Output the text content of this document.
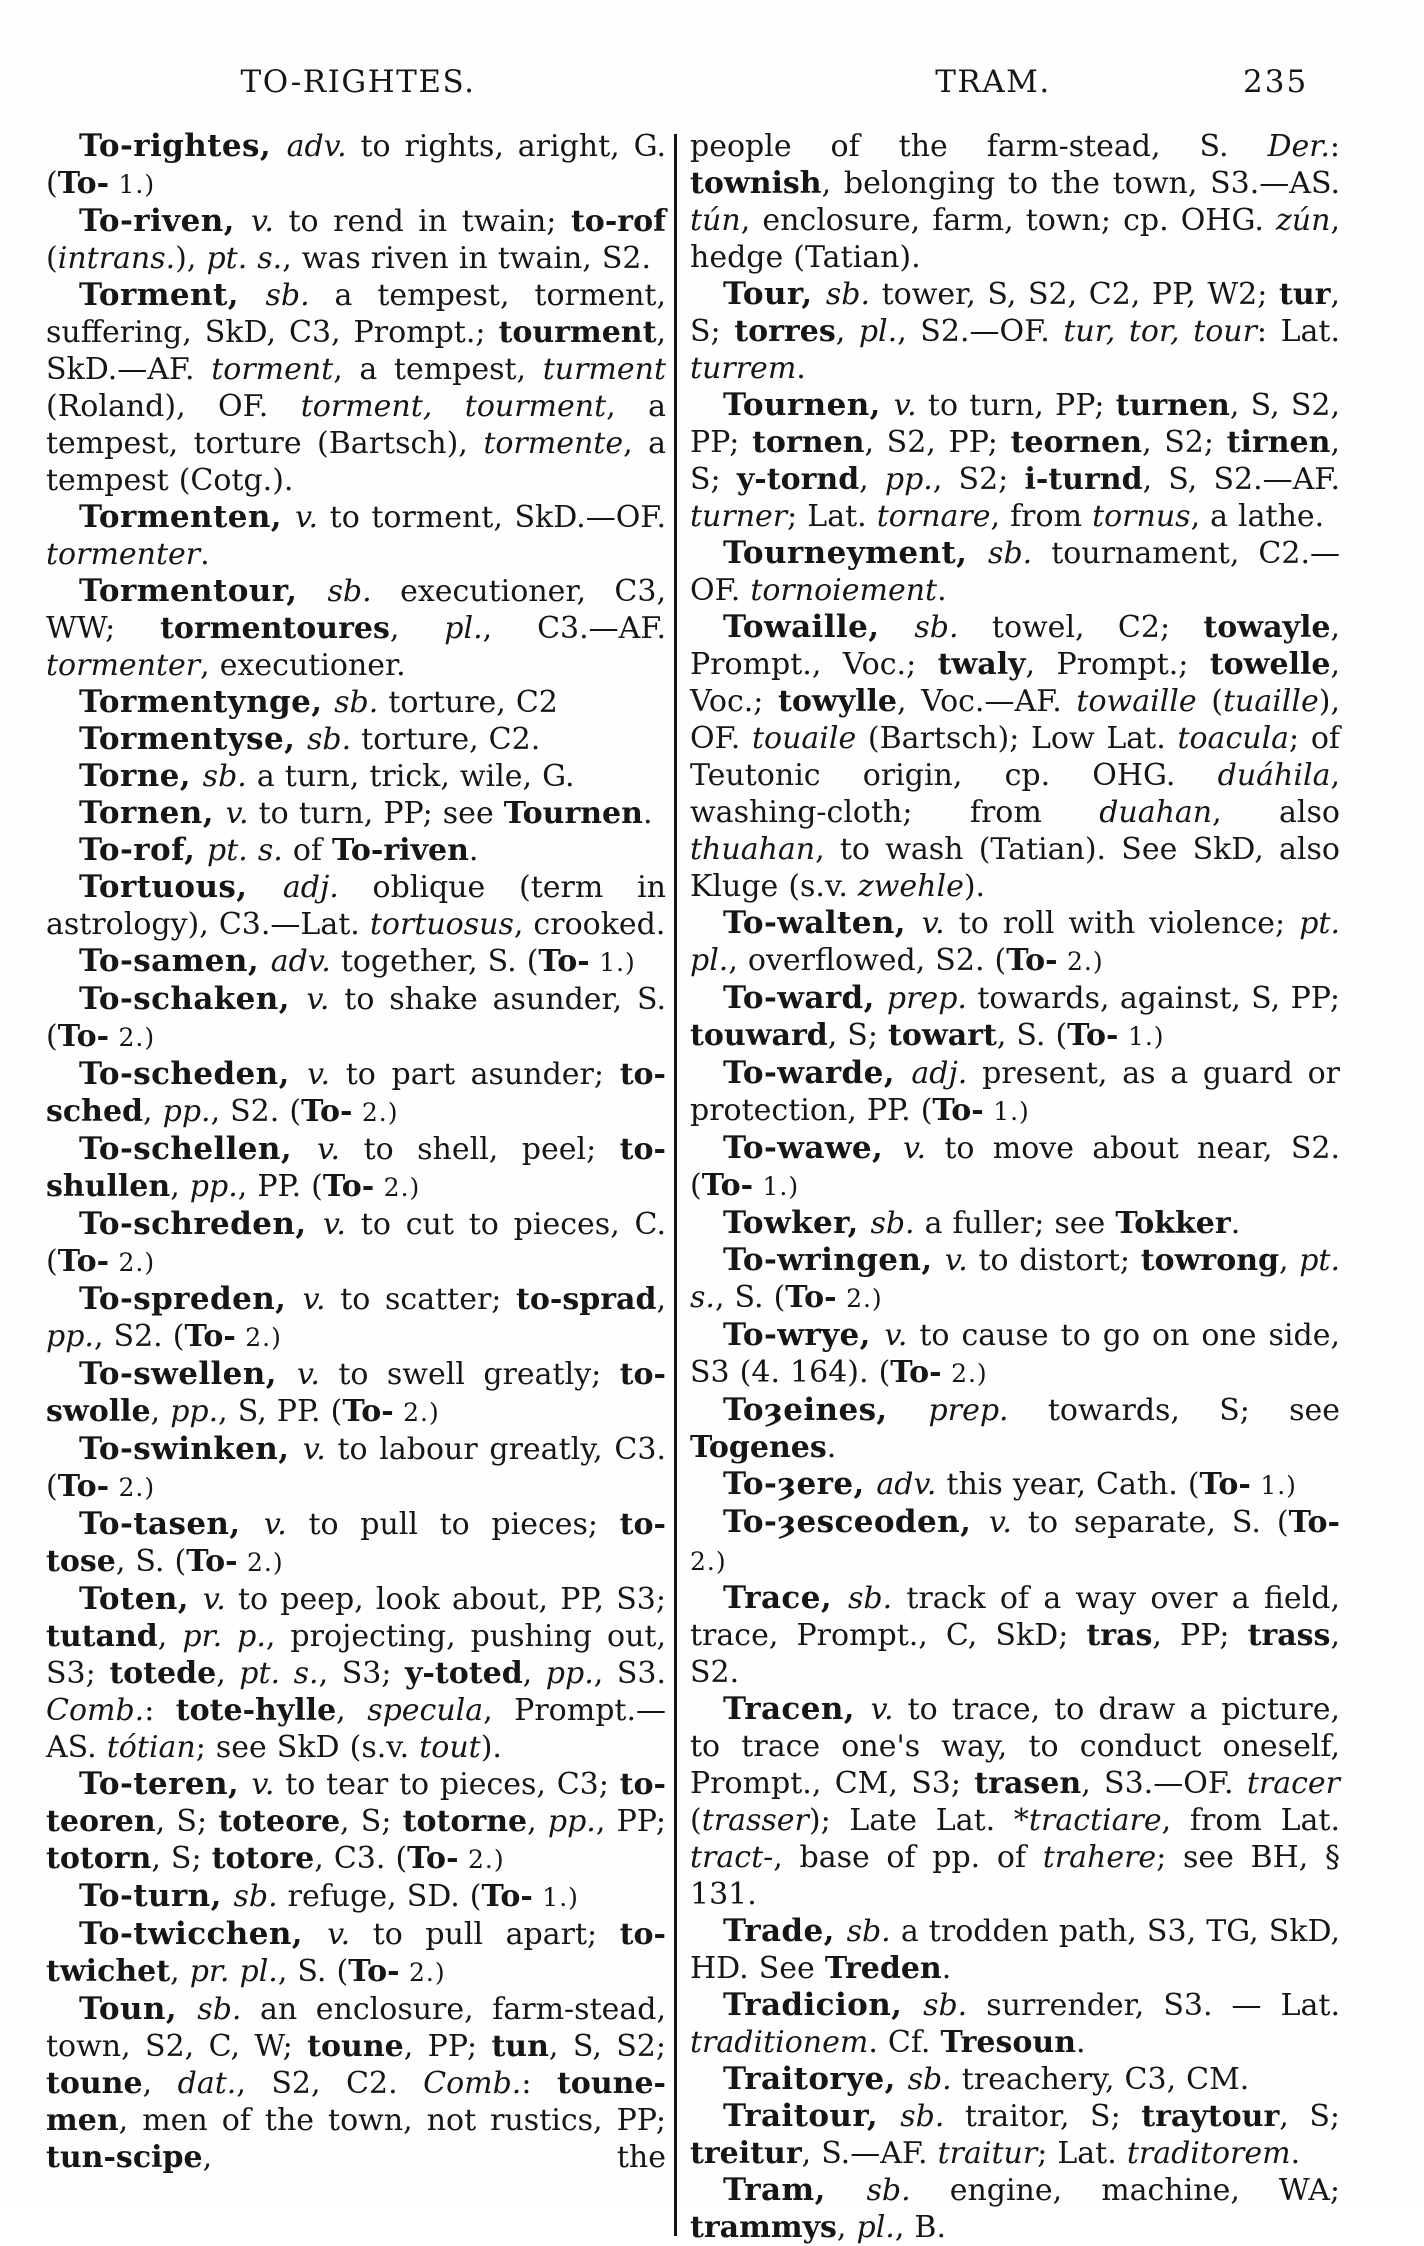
TO-RIGHTES.	TRAM.	235

To-rightes, adv. to rights, aright, G. (To- 1.)

To-riven, v. to rend in twain; to-rof (intrans.), pt. s., was riven in twain, S2.

Torment, sb. a tempest, torment, suffering, SkD, C3, Prompt.; tourment, SkD.—AF. torment, a tempest, turment (Roland), OF. torment, tourment, a tempest, torture (Bartsch), tormente, a tempest (Cotg.).

Tormenten, v. to torment, SkD.—OF. tormenter.

Tormentour, sb. executioner, C3, WW; tormentoures, pl., C3.—AF. tormenter, executioner.

Tormentynge, sb. torture, C2

Tormentyse, sb. torture, C2.

Torne, sb. a turn, trick, wile, G.

Tornen, v. to turn, PP; see Tournen.

To-rof, pt. s. of To-riven.

Tortuous, adj. oblique (term in astrology), C3.—Lat. tortuosus, crooked.

To-samen, adv. together, S. (To- 1.)

To-schaken, v. to shake asunder, S. (To- 2.)

To-scheden, v. to part asunder; to-sched, pp., S2. (To- 2.)

To-schellen, v. to shell, peel; to-shullen, pp., PP. (To- 2.)

To-schreden, v. to cut to pieces, C. (To- 2.)

To-spreden, v. to scatter; to-sprad, pp., S2. (To- 2.)

To-swellen, v. to swell greatly; to-swolle, pp., S, PP. (To- 2.)

To-swinken, v. to labour greatly, C3. (To- 2.)

To-tasen, v. to pull to pieces; to-tose, S. (To- 2.)

Toten, v. to peep, look about, PP, S3; tutand, pr. p., projecting, pushing out, S3; totede, pt. s., S3; y-toted, pp., S3. Comb.: tote-hylle, specula, Prompt.—AS. tótian; see SkD (s.v. tout).

To-teren, v. to tear to pieces, C3; to-teoren, S; toteore, S; totorne, pp., PP; totorn, S; totore, C3. (To- 2.)

To-turn, sb. refuge, SD. (To- 1.)

To-twicchen, v. to pull apart; to-twichet, pr. pl., S. (To- 2.)

Toun, sb. an enclosure, farm-stead, town, S2, C, W; toune, PP; tun, S, S2; toune, dat., S2, C2. Comb.: toune-men, men of the town, not rustics, PP; tun-scipe, the

people of the farm-stead, S. Der.: townish, belonging to the town, S3.—AS. tún, enclosure, farm, town; cp. OHG. zún, hedge (Tatian).

Tour, sb. tower, S, S2, C2, PP, W2; tur, S; torres, pl., S2.—OF. tur, tor, tour: Lat. turrem.

Tournen, v. to turn, PP; turnen, S, S2, PP; tornen, S2, PP; teornen, S2; tirnen, S; y-tornd, pp., S2; i-turnd, S, S2.—AF. turner; Lat. tornare, from tornus, a lathe.

Tourneyment, sb. tournament, C2.—OF. tornoiement.

Towaille, sb. towel, C2; towayle, Prompt., Voc.; twaly, Prompt.; towelle, Voc.; towylle, Voc.—AF. towaille (tuaille), OF. touaile (Bartsch); Low Lat. toacula; of Teutonic origin, cp. OHG. duáhila, washing-cloth; from duahan, also thuahan, to wash (Tatian). See SkD, also Kluge (s.v. zwehle).

To-walten, v. to roll with violence; pt. pl., overflowed, S2. (To- 2.)

To-ward, prep. towards, against, S, PP; touward, S; towart, S. (To- 1.)

To-warde, adj. present, as a guard or protection, PP. (To- 1.)

To-wawe, v. to move about near, S2. (To- 1.)

Towker, sb. a fuller; see Tokker.

To-wringen, v. to distort; towrong, pt. s., S. (To- 2.)

To-wrye, v. to cause to go on one side, S3 (4. 164). (To- 2.)

Toȝeines, prep. towards, S; see Togenes.

To-ȝere, adv. this year, Cath. (To- 1.)

To-ȝesceoden, v. to separate, S. (To- 2.)

Trace, sb. track of a way over a field, trace, Prompt., C, SkD; tras, PP; trass, S2.

Tracen, v. to trace, to draw a picture, to trace one's way, to conduct oneself, Prompt., CM, S3; trasen, S3.—OF. tracer (trasser); Late Lat. *tractiare, from Lat. tract-, base of pp. of trahere; see BH, § 131.

Trade, sb. a trodden path, S3, TG, SkD, HD. See Treden.

Tradicion, sb. surrender, S3. — Lat. traditionem. Cf. Tresoun.

Traitorye, sb. treachery, C3, CM.

Traitour, sb. traitor, S; traytour, S; treitur, S.—AF. traitur; Lat. traditorem.

Tram, sb. engine, machine, WA; trammys, pl., B.
